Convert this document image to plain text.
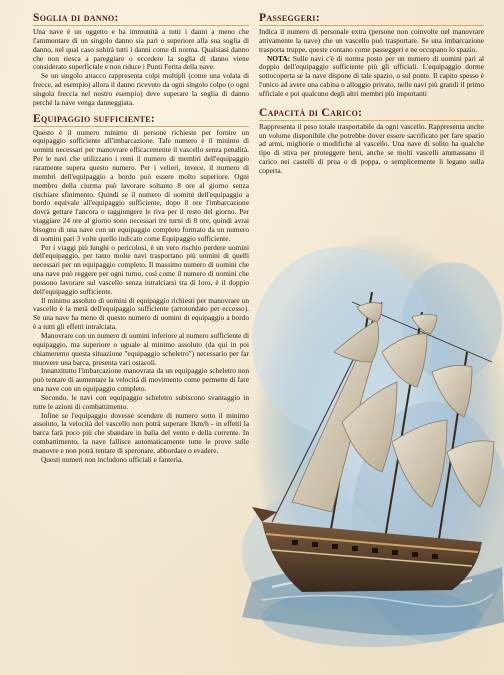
Soglia di danno:

Una nave è un oggetto e ha immunità a tutti i danni a meno che l'ammontare di un singolo danno sia pari o superiore alla sua soglia di danno, nel qual caso subirà tutti i danni come di norma. Qualsiasi danno che non riesca a pareggiare o eccedere la soglia di danno viene considerato superficiale e non riduce i Punti Ferita della nave.

Se un singolo attacco rappresenta colpi multipli (come una volata di frecce, ad esempio) allora il danno ricevuto da ogni singolo colpo (o ogni singola freccia nel nostro esempio) deve superare la soglia di danno perché la nave venga danneggiata.

Equipaggio sufficiente:

Questo è il numero minimo di persone richieste per fornire un equipaggio sufficiente all'imbarcazione. Tale numero è il minimo di uomini necessari per manovrare efficacemente il vascello senza penalità. Per le navi che utilizzano i remi il numero di membri dell'equipaggio raramente supera questo numero. Per i velieri, invece, il numero di membri dell'equipaggio a bordo può essere molto superiore. Ogni membro della ciurma può lavorare soltanto 8 ore al giorno senza rischiare sfinimento. Quindi se il numero di uomini dell'equipaggio a bordo equivale all'equipaggio sufficiente, dopo 8 ore l'imbarcazione dovrà gettare l'ancora o raggiungere le riva per il resto del giorno. Per viaggiare 24 ore al giorno sono necessari tre turni di 8 ore, quindi avrai bisogno di una nave con un equipaggio completo formato da un numero di uomini pari 3 volte quello indicato come Equipaggio sufficiente.

Per i viaggi più lunghi o pericolosi, è un vero rischio perdere uomini dell'equipaggio, per tanto molte navi trasportano più uomini di quelli necessari per un equipaggio completo. Il massimo numero di uomini che una nave può reggere per ogni turno, così come il numero di uomini che possono lavorare sul vascello senza intralciarsi tra di loro, è il doppio dell'equipaggio sufficiente.

Il minimo assoluto di uomini di equipaggio richiesti per manovrare un vascello è la metà dell'equipaggio sufficiente (arrotondato per eccesso). Se una nave ha meno di questo numero di uomini di equipaggio a bordo è a tutti gli effetti intralciata.

Manovrare con un numero di uomini inferiore al numero sufficiente di equipaggio, ma superiore o uguale al minimo assoluto (da qui in poi chiameremo questa situazione "equipaggio scheletro") necessario per far muovere una barca, presenta vari ostacoli.

Innanzitutto l'imbarcazione manovrata da un equipaggio scheletro non può tentare di aumentare la velocità di movimento come permette di fare una nave con un equipaggio completo.

Secondo, le navi con equipaggio scheletro subiscono svantaggio in tutte le azioni di combattimento.

Infine se l'equipaggio dovesse scendere di numero sotto il minimo assoluto, la velocità del vascello non potrà superare 1km/h - in effetti la barca farà poco più che sbandare in balia del vento e della corrente. In combattimento, la nave fallisce automaticamente tutte le prove sulle manovre e non potrà tentare di speronare, abbordare o evadere.

Questi numeri non includono ufficiali e fanteria.

Passeggeri:

Indica il numero di personale extra (persone non coinvolte nel manovrare attivamente la nave) che un vascello può trasportare. Se una imbarcazione trasporta truppe, queste contano come passeggeri e ne occupano lo spazio.

NOTA: Sulle navi c'è di norma posto per un numero di uomini pari al doppio dell'equipaggio sufficiente più gli ufficiali. L'equipaggio dorme sottocoperta se la nave dispone di tale spazio, o sul ponte. Il capito spesso è l'unico ad avere una cabina o alloggio privato, nelle navi più grandi il primo ufficiale e poi qualcuno degli altri membri più importanti

Capacità di Carico:

Rappresenta il peso totale trasportabile da ogni vascello. Rappresenta anche un volume disponibile che potrebbe dover essere sacrificato per fare spazio ad armi, migliorie o modifiche al vascello. Una nave di solito ha qualche tipo di stiva per proteggere beni, anche se molti vascelli ammassano il carico nei castelli di prua o di poppa, o semplicemente li legano sulla coperta.
